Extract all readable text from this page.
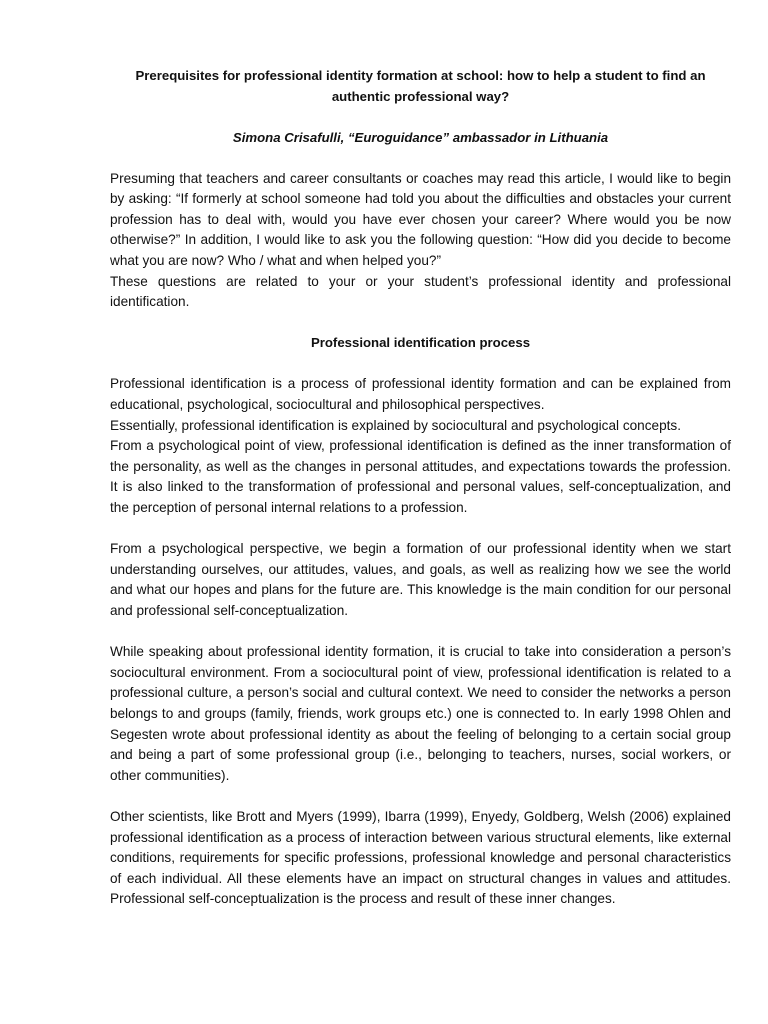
Prerequisites for professional identity formation at school: how to help a student to find an authentic professional way?

Simona Crisafulli, “Euroguidance” ambassador in Lithuania

Presuming that teachers and career consultants or coaches may read this article, I would like to begin by asking: “If formerly at school someone had told you about the difficulties and obstacles your current profession has to deal with, would you have ever chosen your career? Where would you be now otherwise?” In addition, I would like to ask you the following question: “How did you decide to become what you are now? Who / what and when helped you?”

These questions are related to your or your student’s professional identity and professional identification.

Professional identification process

Professional identification is a process of professional identity formation and can be explained from educational, psychological, sociocultural and philosophical perspectives.

Essentially, professional identification is explained by sociocultural and psychological concepts.

From a psychological point of view, professional identification is defined as the inner transformation of the personality, as well as the changes in personal attitudes, and expectations towards the profession. It is also linked to the transformation of professional and personal values, self-conceptualization, and the perception of personal internal relations to a profession.

From a psychological perspective, we begin a formation of our professional identity when we start understanding ourselves, our attitudes, values, and goals, as well as realizing how we see the world and what our hopes and plans for the future are. This knowledge is the main condition for our personal and professional self-conceptualization.

While speaking about professional identity formation, it is crucial to take into consideration a person’s sociocultural environment. From a sociocultural point of view, professional identification is related to a professional culture, a person’s social and cultural context. We need to consider the networks a person belongs to and groups (family, friends, work groups etc.) one is connected to. In early 1998 Ohlen and Segesten wrote about professional identity as about the feeling of belonging to a certain social group and being a part of some professional group (i.e., belonging to teachers, nurses, social workers, or other communities).

Other scientists, like Brott and Myers (1999), Ibarra (1999), Enyedy, Goldberg, Welsh (2006) explained professional identification as a process of interaction between various structural elements, like external conditions, requirements for specific professions, professional knowledge and personal characteristics of each individual. All these elements have an impact on structural changes in values and attitudes. Professional self-conceptualization is the process and result of these inner changes.
